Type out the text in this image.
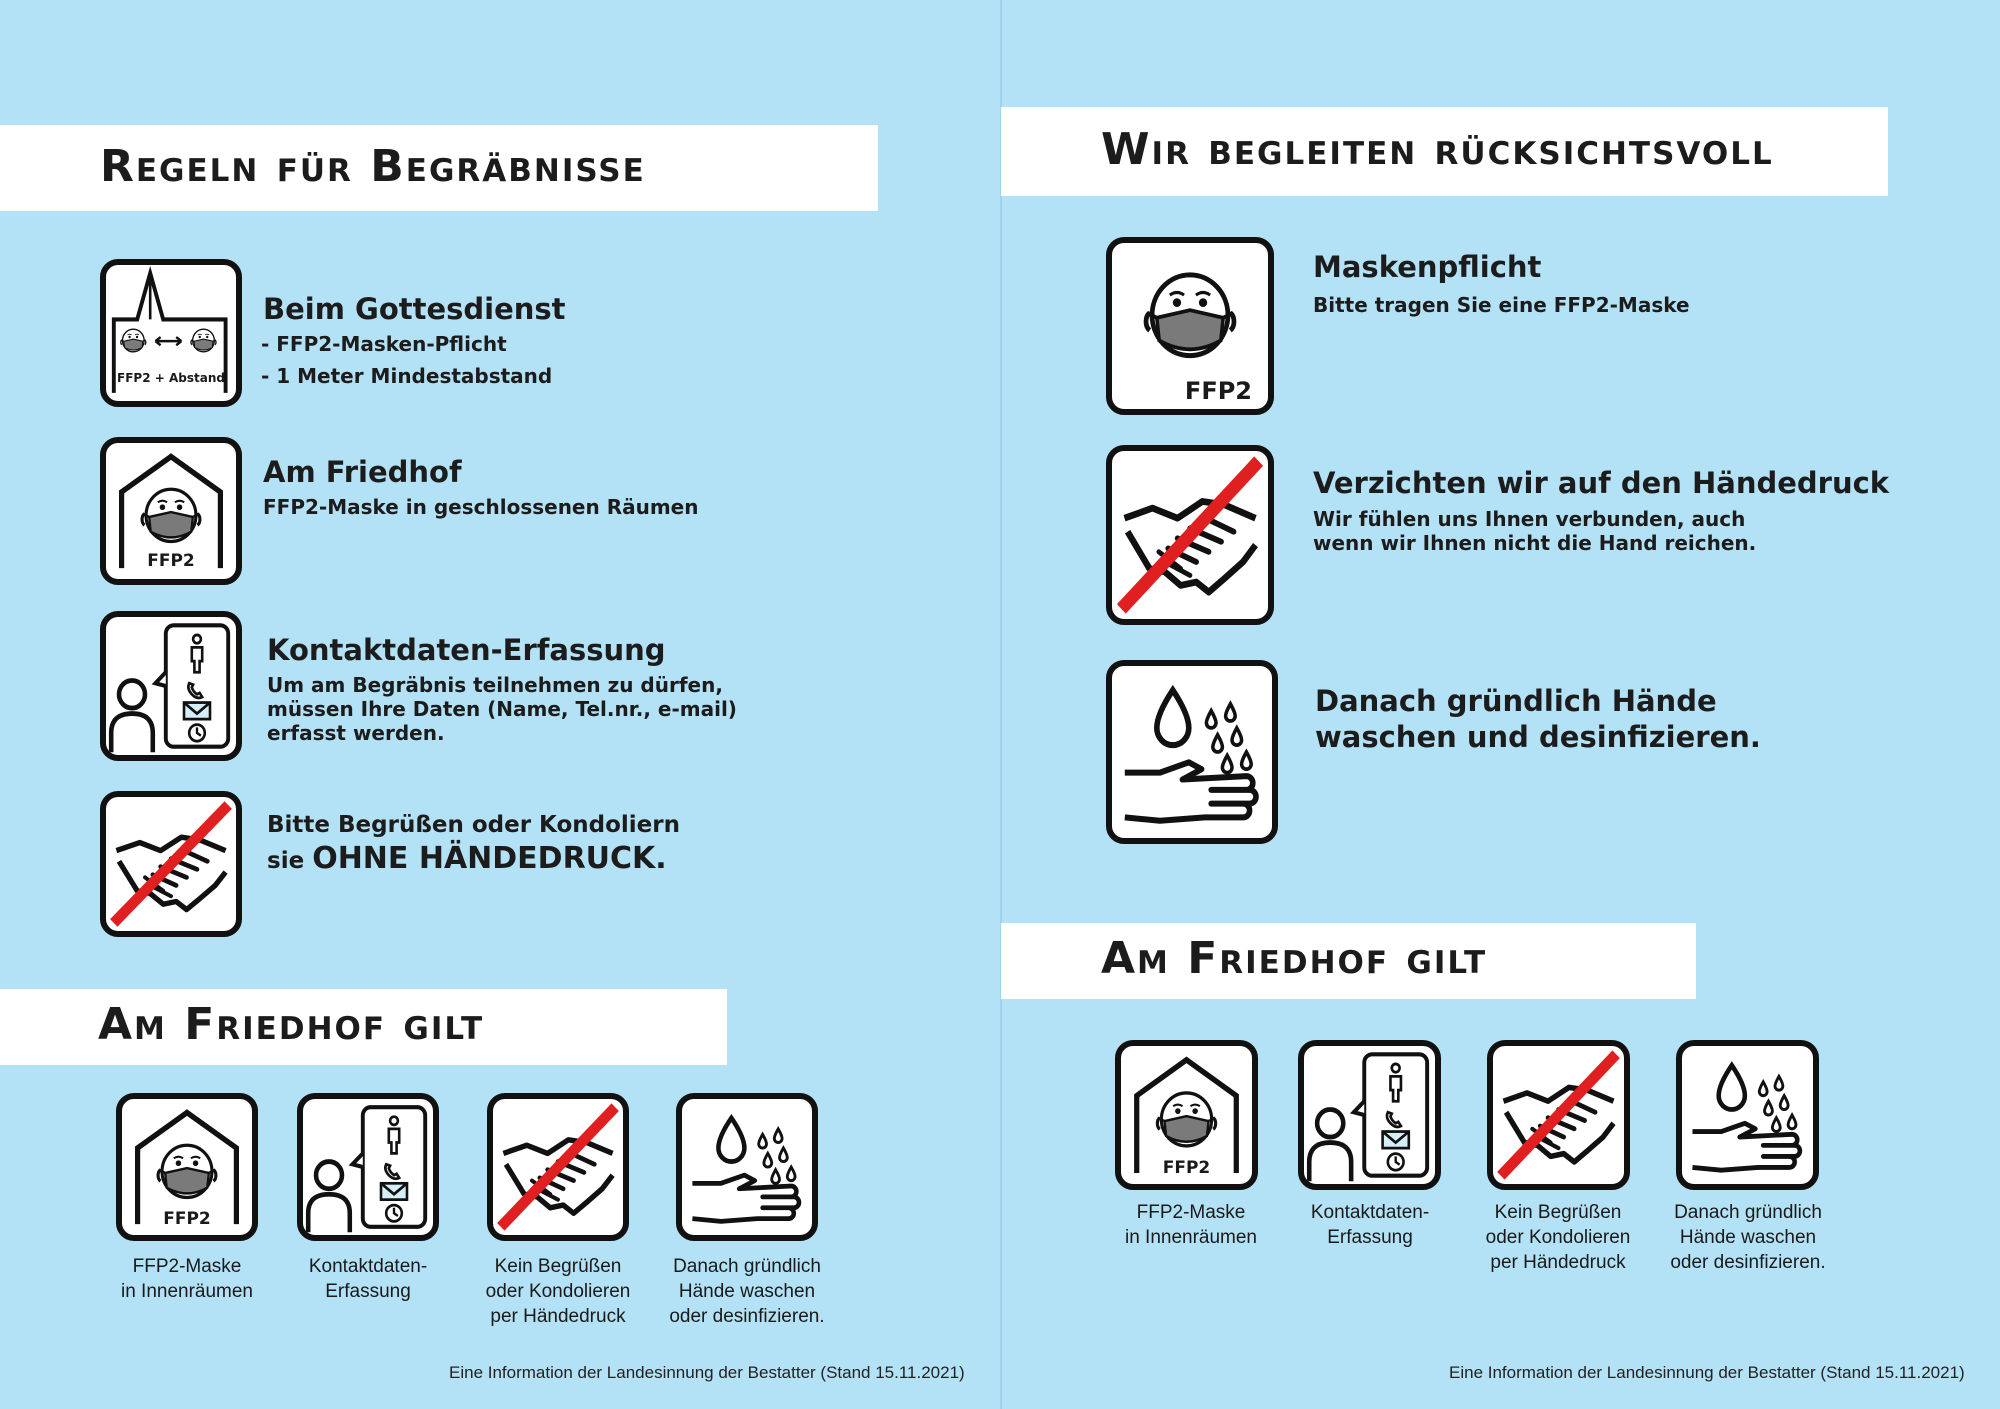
Regeln für Begräbnisse
FFP2 + Abstand
Beim Gottesdienst
- FFP2-Masken-Pflicht
- 1 Meter Mindestabstand
FFP2
Am Friedhof
FFP2-Maske in geschlossenen Räumen
Kontaktdaten-Erfassung
Um am Begräbnis teilnehmen zu dürfen,
müssen Ihre Daten (Name, Tel.nr., e-mail)
erfasst werden.
Bitte Begrüßen oder Kondoliern
sie OHNE HÄNDEDRUCK.
Am Friedhof gilt
FFP2
FFP2-Maske
in Innenräumen
Kontaktdaten-
Erfassung
Kein Begrüßen
oder Kondolieren
per Händedruck
Danach gründlich
Hände waschen
oder desinfizieren.
Eine Information der Landesinnung der Bestatter (Stand 15.11.2021)
Wir begleiten rücksichtsvoll
FFP2
Maskenpflicht
Bitte tragen Sie eine FFP2-Maske
Verzichten wir auf den Händedruck
Wir fühlen uns Ihnen verbunden, auch
wenn wir Ihnen nicht die Hand reichen.
Danach gründlich Hände
waschen und desinfizieren.
Am Friedhof gilt
FFP2
FFP2-Maske
in Innenräumen
Kontaktdaten-
Erfassung
Kein Begrüßen
oder Kondolieren
per Händedruck
Danach gründlich
Hände waschen
oder desinfizieren.
Eine Information der Landesinnung der Bestatter (Stand 15.11.2021)
